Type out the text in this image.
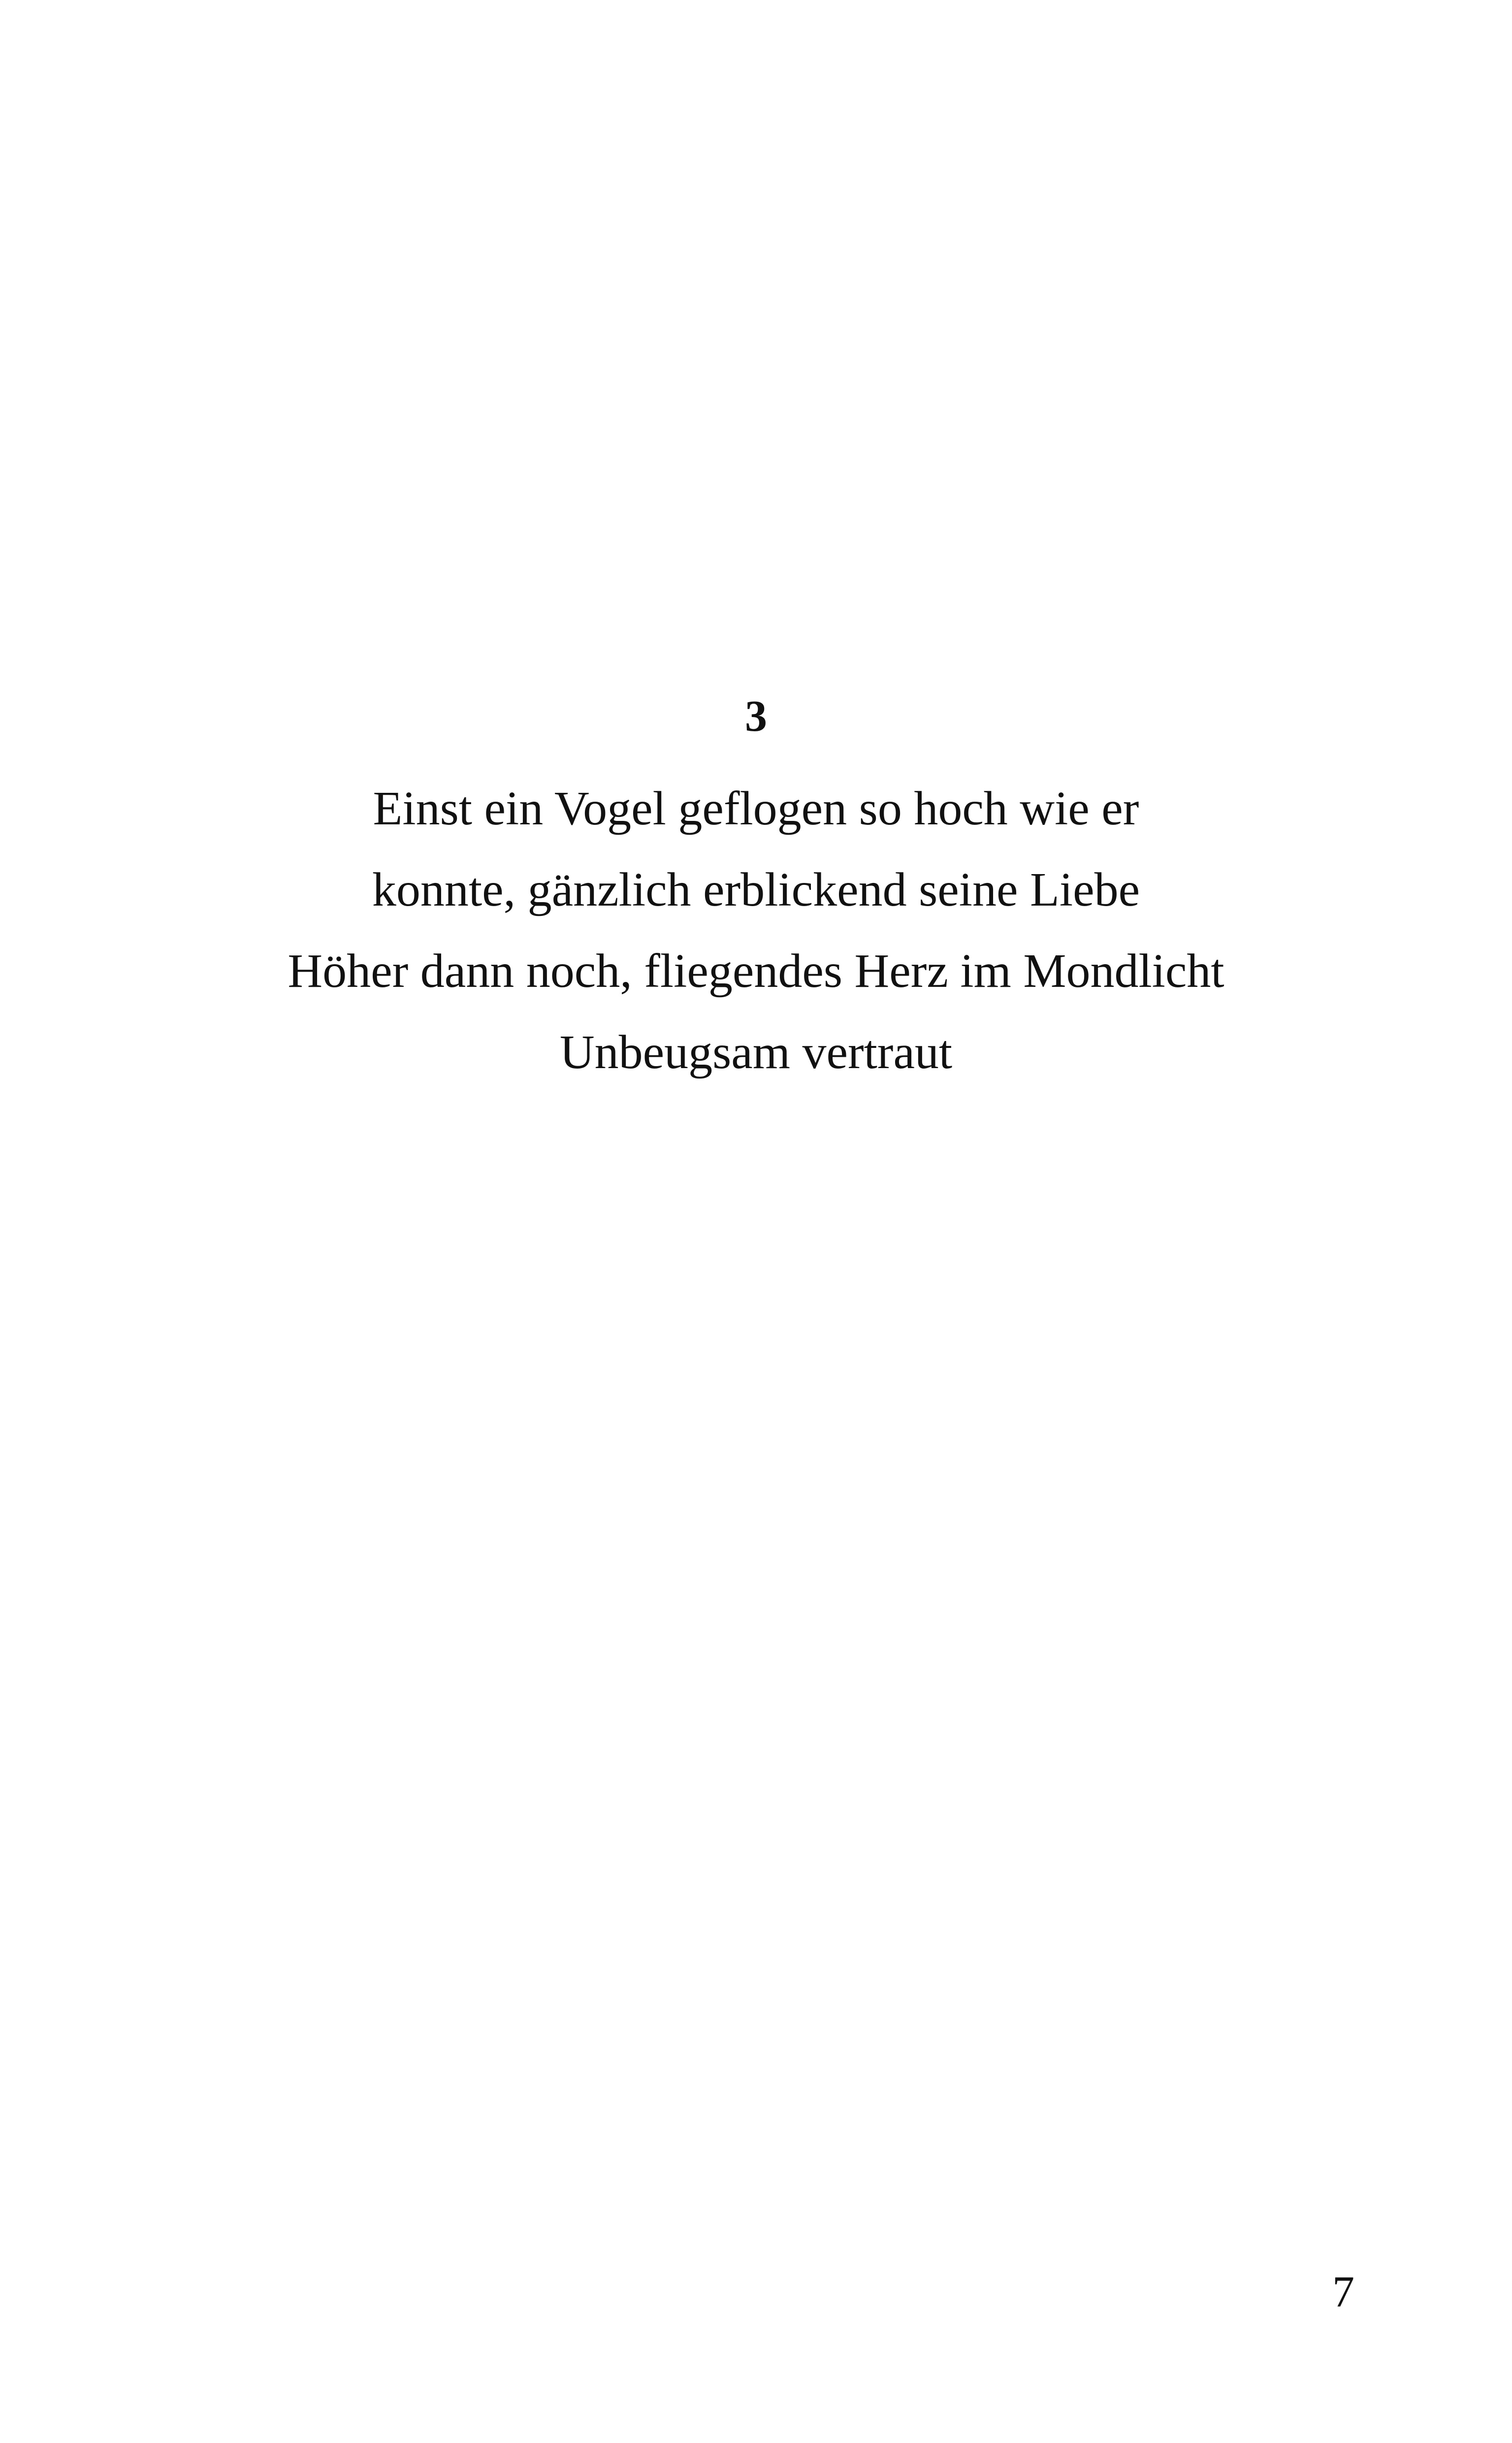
3

Einst ein Vogel geflogen so hoch wie er

konnte, gänzlich erblickend seine Liebe

Höher dann noch, fliegendes Herz im Mondlicht

Unbeugsam vertraut

7
